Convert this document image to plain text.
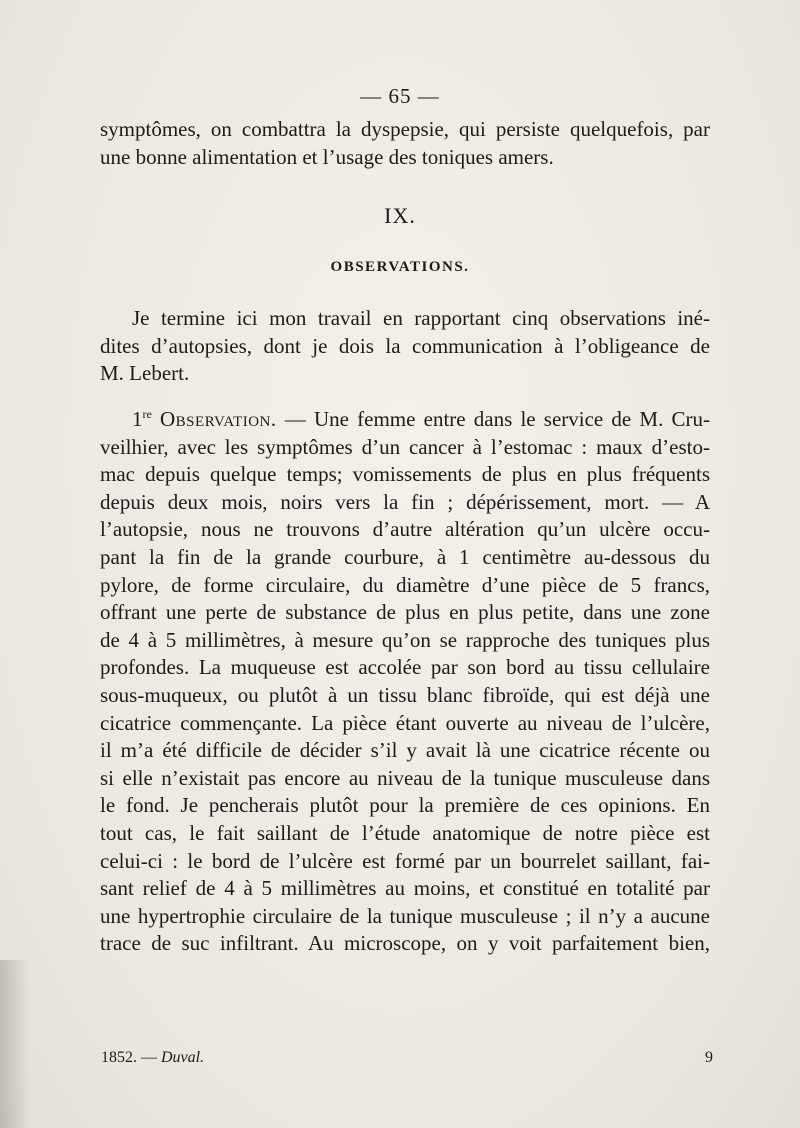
— 65 —

symptômes, on combattra la dyspepsie, qui persiste quelquefois, par
une bonne alimentation et l’usage des toniques amers.

IX.
OBSERVATIONS.

Je termine ici mon travail en rapportant cinq observations iné-
dites d’autopsies, dont je dois la communication à l’obligeance de
M. Lebert.

1re Observation. — Une femme entre dans le service de M. Cru-
veilhier, avec les symptômes d’un cancer à l’estomac : maux d’esto-
mac depuis quelque temps; vomissements de plus en plus fréquents
depuis deux mois, noirs vers la fin ; dépérissement, mort. — A
l’autopsie, nous ne trouvons d’autre altération qu’un ulcère occu-
pant la fin de la grande courbure, à 1 centimètre au-dessous du
pylore, de forme circulaire, du diamètre d’une pièce de 5 francs,
offrant une perte de substance de plus en plus petite, dans une zone
de 4 à 5 millimètres, à mesure qu’on se rapproche des tuniques plus
profondes. La muqueuse est accolée par son bord au tissu cellulaire
sous-muqueux, ou plutôt à un tissu blanc fibroïde, qui est déjà une
cicatrice commençante. La pièce étant ouverte au niveau de l’ulcère,
il m’a été difficile de décider s’il y avait là une cicatrice récente ou
si elle n’existait pas encore au niveau de la tunique musculeuse dans
le fond. Je pencherais plutôt pour la première de ces opinions. En
tout cas, le fait saillant de l’étude anatomique de notre pièce est
celui-ci : le bord de l’ulcère est formé par un bourrelet saillant, fai-
sant relief de 4 à 5 millimètres au moins, et constitué en totalité par
une hypertrophie circulaire de la tunique musculeuse ; il n’y a aucune
trace de suc infiltrant. Au microscope, on y voit parfaitement bien,

1852. — Duval.	9
